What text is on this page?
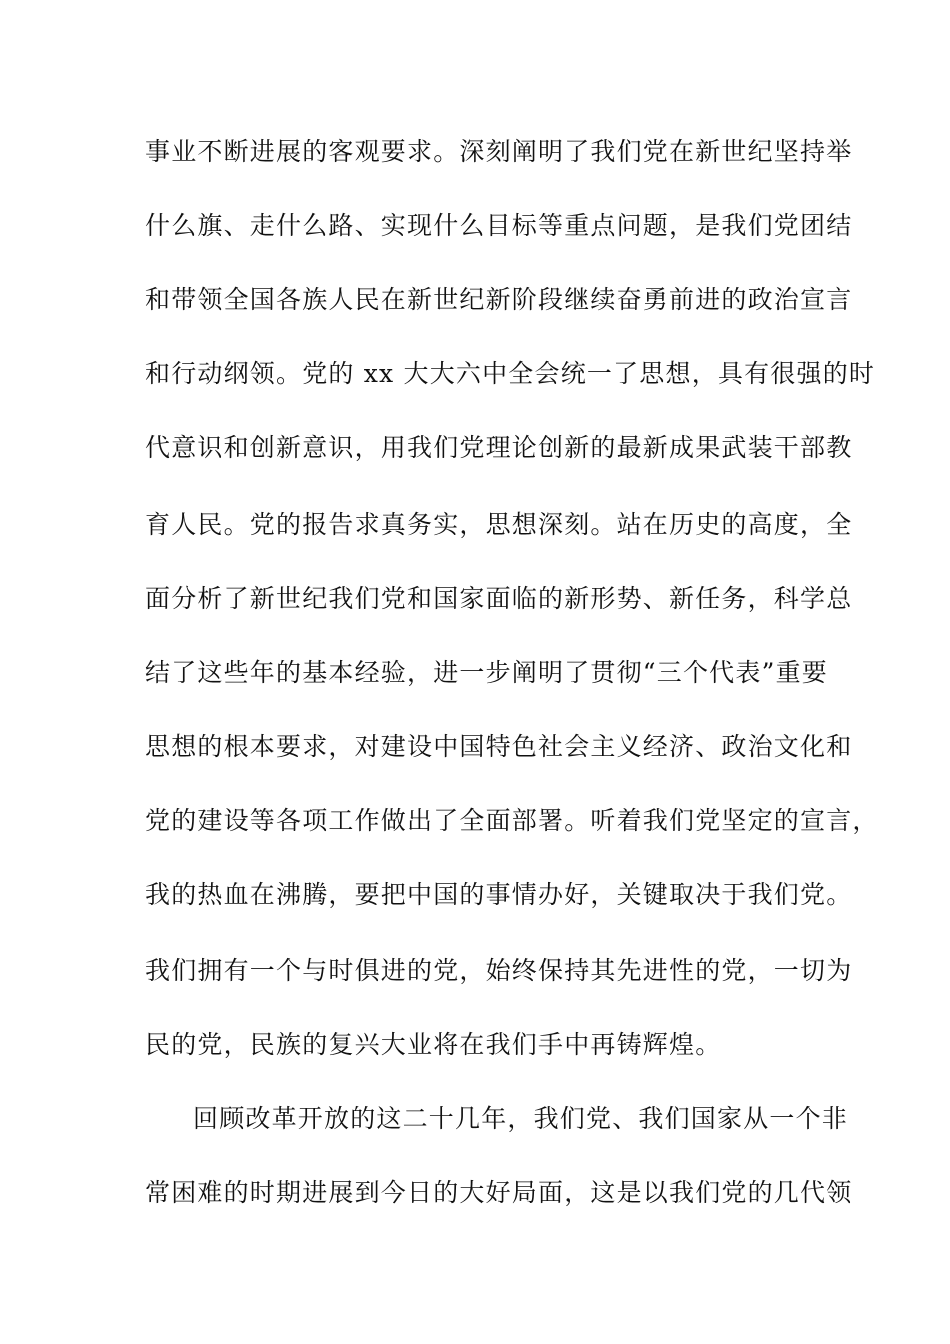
事业不断进展的客观要求。深刻阐明了我们党在新世纪坚持举
什么旗、走什么路、实现什么目标等重点问题，是我们党团结
和带领全国各族人民在新世纪新阶段继续奋勇前进的政治宣言
和行动纲领。党的 xx 大大六中全会统一了思想，具有很强的时
代意识和创新意识，用我们党理论创新的最新成果武装干部教
育人民。党的报告求真务实，思想深刻。站在历史的高度，全
面分析了新世纪我们党和国家面临的新形势、新任务，科学总
结了这些年的基本经验，进一步阐明了贯彻“三个代表”重要
思想的根本要求，对建设中国特色社会主义经济、政治文化和
党的建设等各项工作做出了全面部署。听着我们党坚定的宣言，
我的热血在沸腾，要把中国的事情办好，关键取决于我们党。
我们拥有一个与时俱进的党，始终保持其先进性的党，一切为
民的党，民族的复兴大业将在我们手中再铸辉煌。
回顾改革开放的这二十几年，我们党、我们国家从一个非
常困难的时期进展到今日的大好局面，这是以我们党的几代领
